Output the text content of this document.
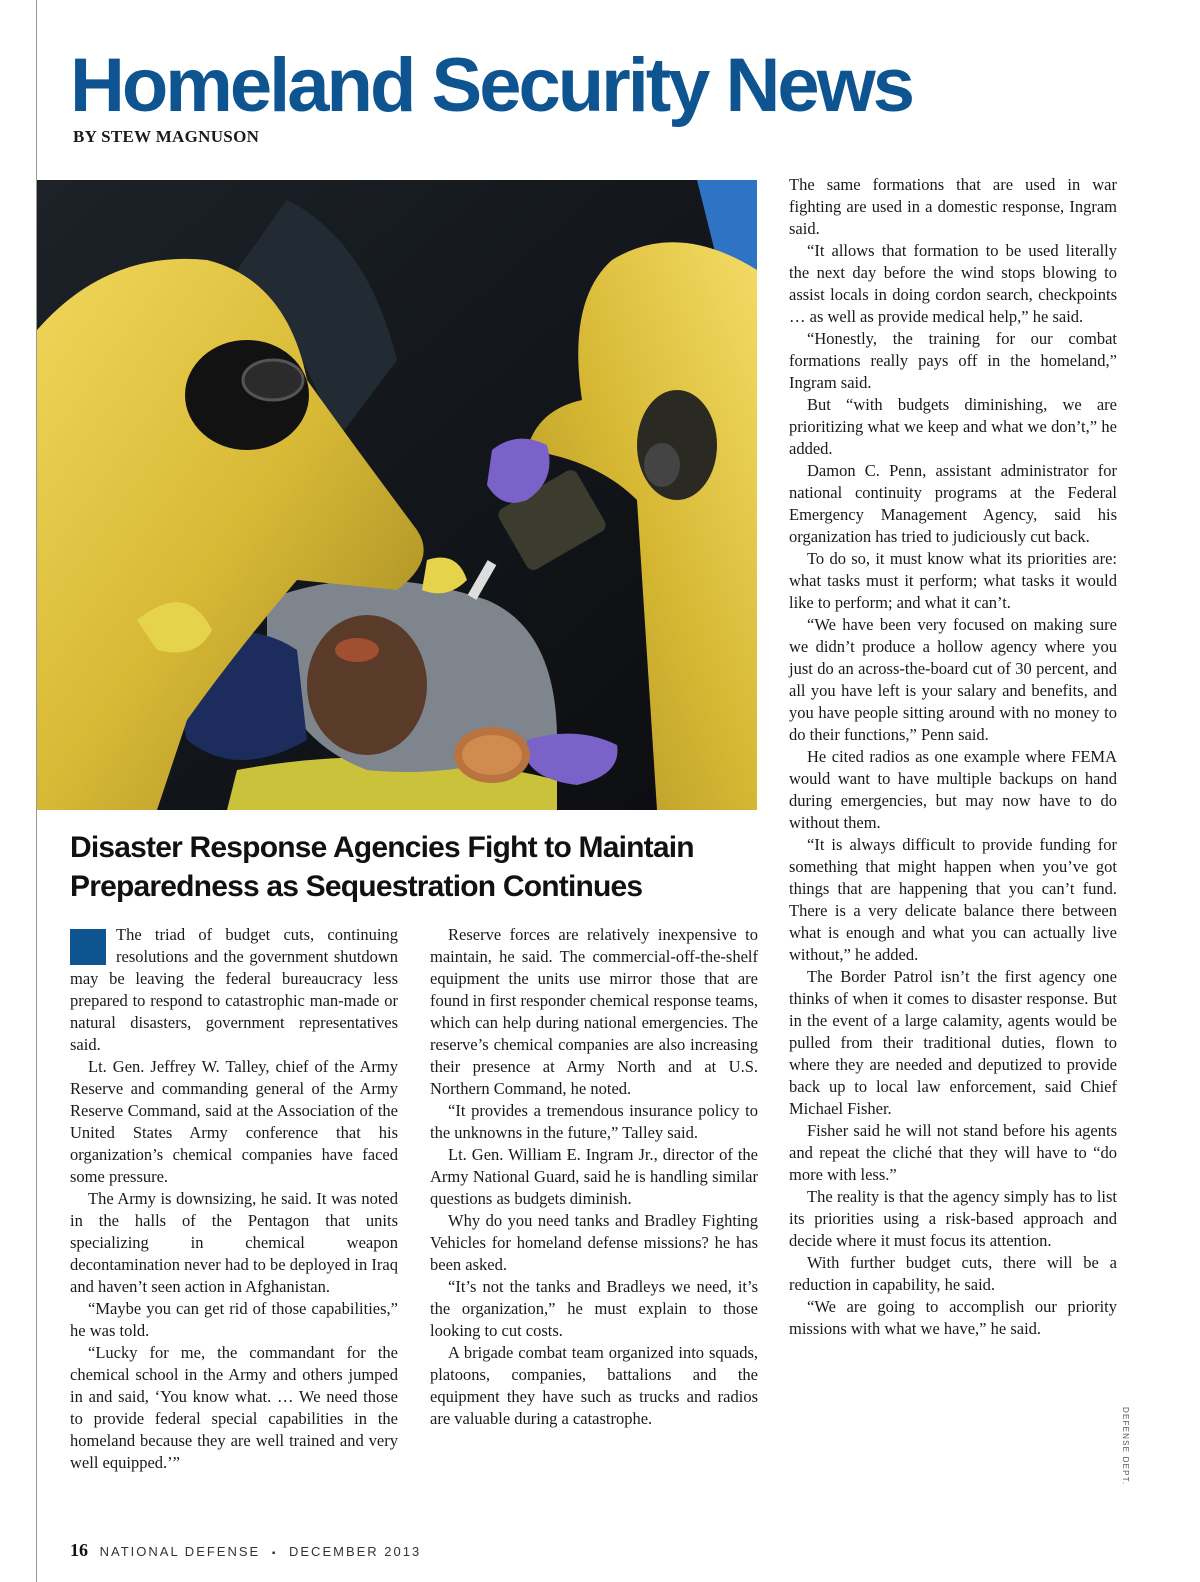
Homeland Security News
BY STEW MAGNUSON
Disaster Response Agencies Fight to Maintain
Preparedness as Sequestration Continues

The triad of budget cuts, continuing resolutions and the government shutdown may be leaving the federal bureaucracy less prepared to respond to catastrophic man-made or natural disasters, government representatives said.

Lt. Gen. Jeffrey W. Talley, chief of the Army Reserve and commanding general of the Army Reserve Command, said at the Association of the United States Army conference that his organization’s chemical companies have faced some pressure.

The Army is downsizing, he said. It was noted in the halls of the Pentagon that units specializing in chemical weapon decontamination never had to be deployed in Iraq and haven’t seen action in Afghanistan.

“Maybe you can get rid of those capabilities,” he was told.

“Lucky for me, the commandant for the chemical school in the Army and others jumped in and said, ‘You know what. … We need those to provide federal special capabilities in the homeland because they are well trained and very well equipped.’”

Reserve forces are relatively inexpensive to maintain, he said. The commercial-off-the-shelf equipment the units use mirror those that are found in first responder chemical response teams, which can help during national emergencies. The reserve’s chemical companies are also increasing their presence at Army North and at U.S. Northern Command, he noted.

“It provides a tremendous insurance policy to the unknowns in the future,” Talley said.

Lt. Gen. William E. Ingram Jr., director of the Army National Guard, said he is handling similar questions as budgets diminish.

Why do you need tanks and Bradley Fighting Vehicles for homeland defense missions? he has been asked.

“It’s not the tanks and Bradleys we need, it’s the organization,” he must explain to those looking to cut costs.

A brigade combat team organized into squads, platoons, companies, battalions and the equipment they have such as trucks and radios are valuable during a catastrophe.

The same formations that are used in war fighting are used in a domestic response, Ingram said.

“It allows that formation to be used literally the next day before the wind stops blowing to assist locals in doing cordon search, checkpoints … as well as provide medical help,” he said.

“Honestly, the training for our combat formations really pays off in the homeland,” Ingram said.

But “with budgets diminishing, we are prioritizing what we keep and what we don’t,” he added.

Damon C. Penn, assistant administrator for national continuity programs at the Federal Emergency Management Agency, said his organization has tried to judiciously cut back.

To do so, it must know what its priorities are: what tasks must it perform; what tasks it would like to perform; and what it can’t.

“We have been very focused on making sure we didn’t produce a hollow agency where you just do an across-the-board cut of 30 percent, and all you have left is your salary and benefits, and you have people sitting around with no money to do their functions,” Penn said.

He cited radios as one example where FEMA would want to have multiple backups on hand during emergencies, but may now have to do without them.

“It is always difficult to provide funding for something that might happen when you’ve got things that are happening that you can’t fund. There is a very delicate balance there between what is enough and what you can actually live without,” he added.

The Border Patrol isn’t the first agency one thinks of when it comes to disaster response. But in the event of a large calamity, agents would be pulled from their traditional duties, flown to where they are needed and deputized to provide back up to local law enforcement, said Chief Michael Fisher.

Fisher said he will not stand before his agents and repeat the cliché that they will have to “do more with less.”

The reality is that the agency simply has to list its priorities using a risk-based approach and decide where it must focus its attention.

With further budget cuts, there will be a reduction in capability, he said.

“We are going to accomplish our priority missions with what we have,” he said.

16 NATIONAL DEFENSE ▪ DECEMBER 2013
DEFENSE DEPT.
